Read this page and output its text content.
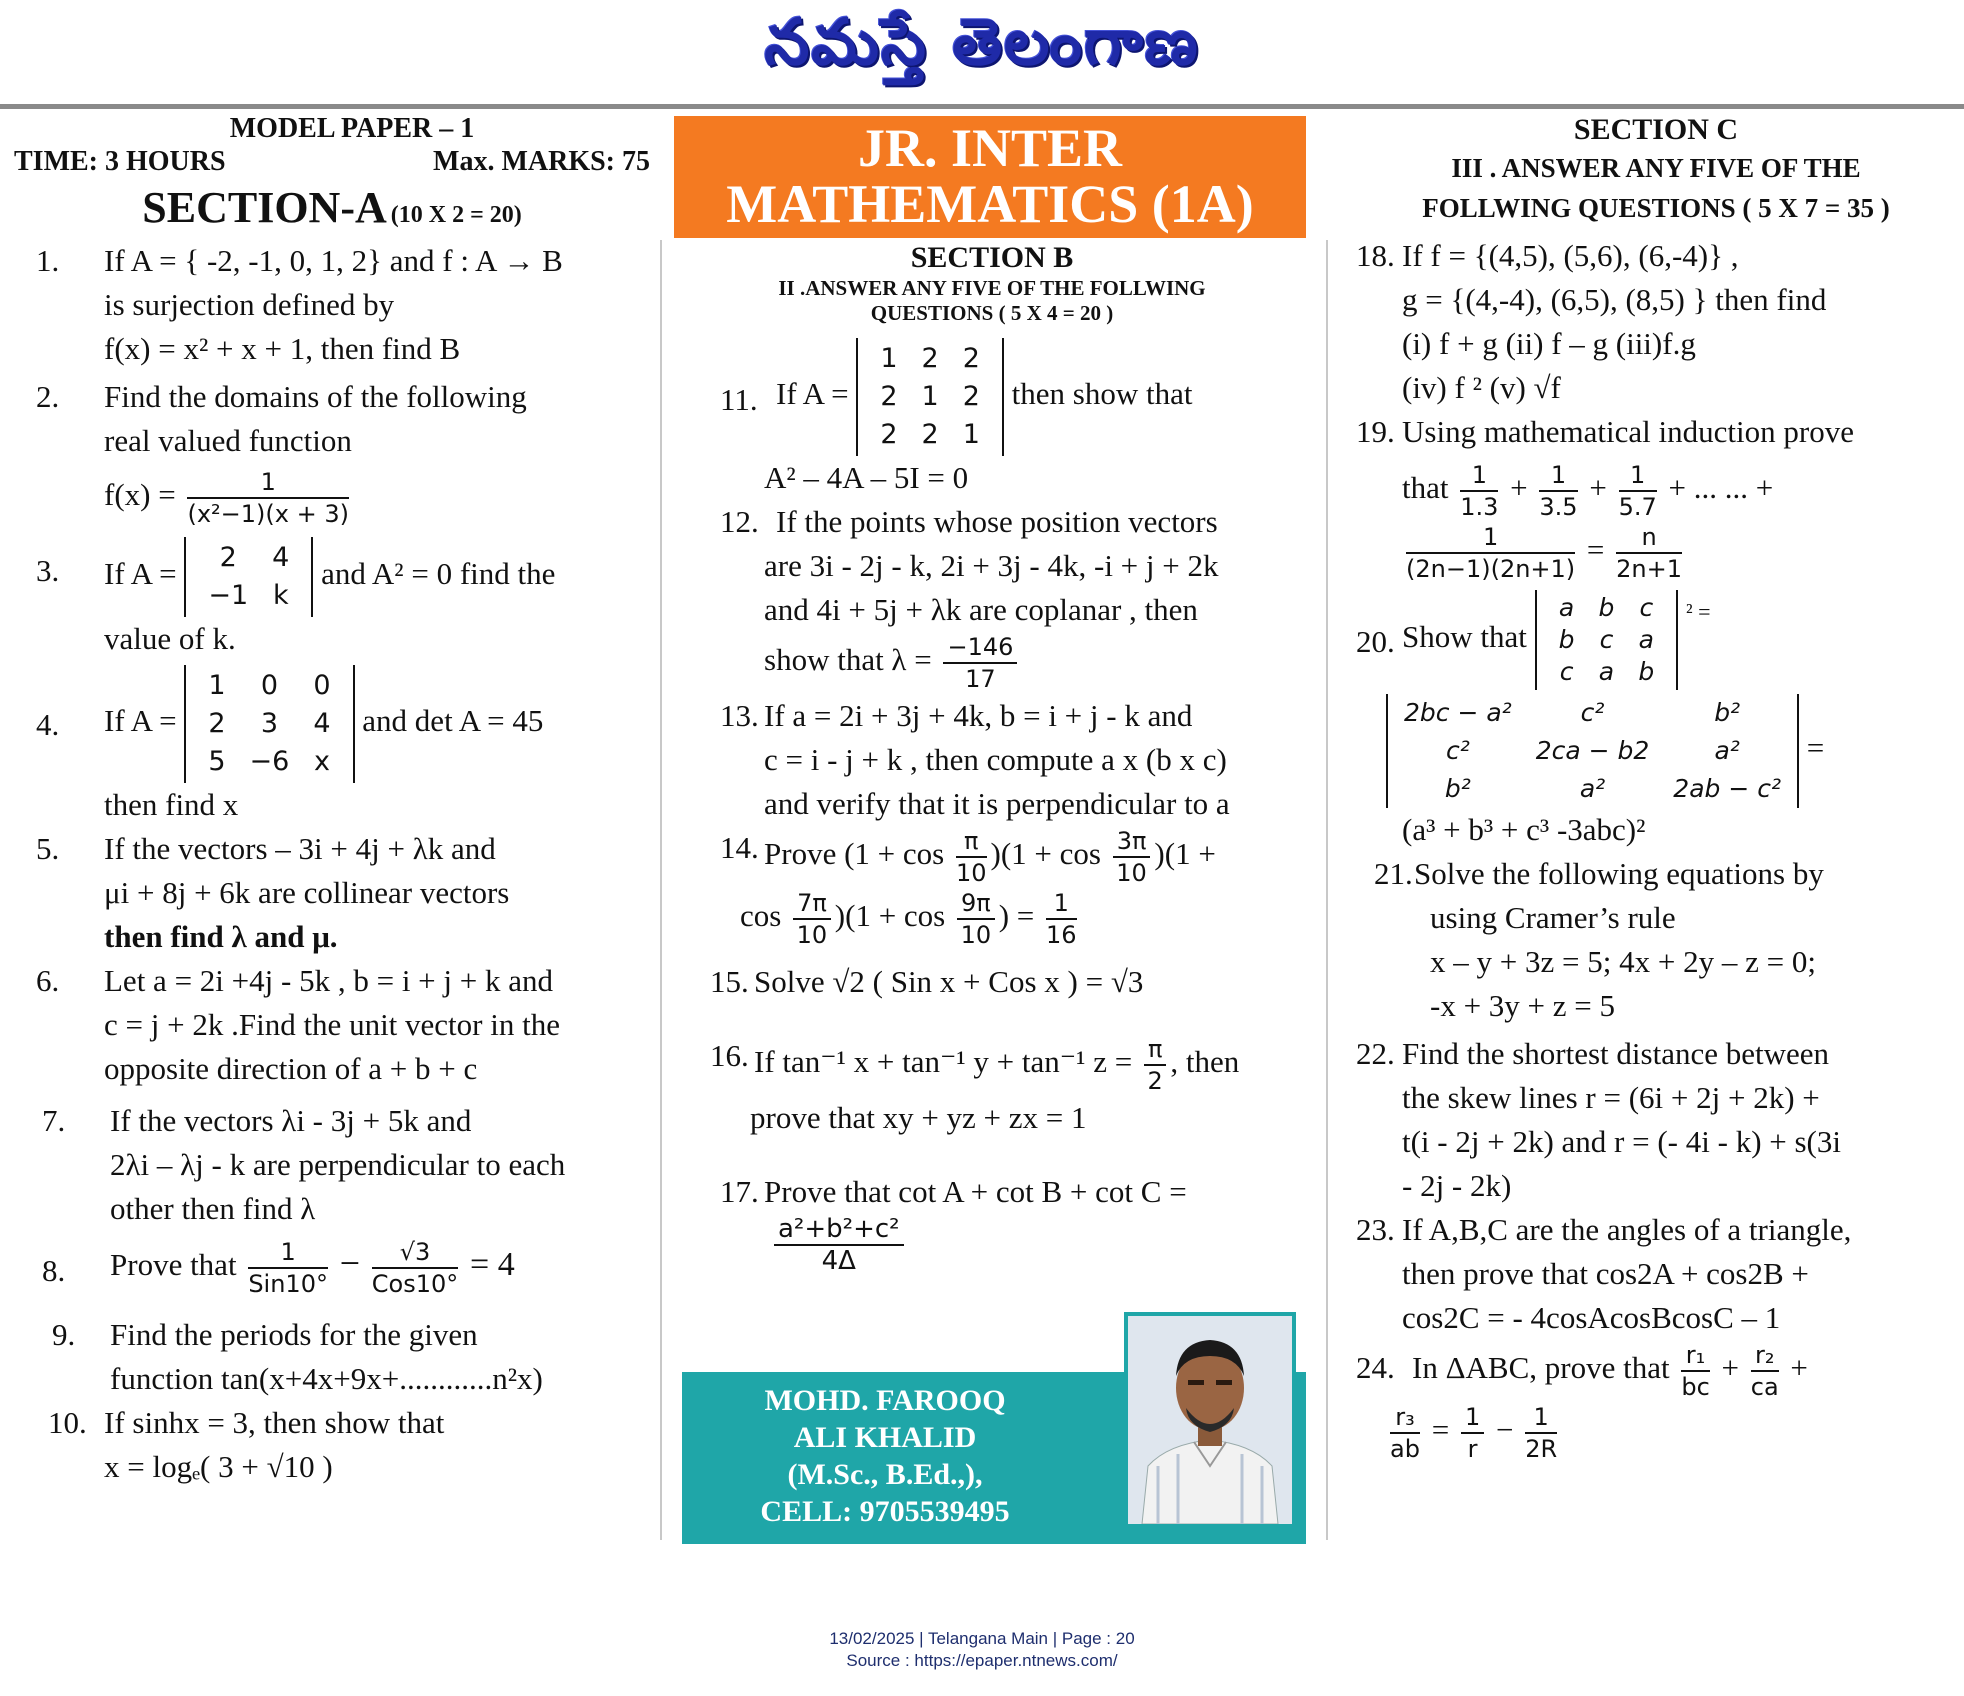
నమస్తే తెలంగాణ
MODEL PAPER – 1
TIME: 3 HOURS	Max. MARKS: 75
SECTION-A (10 X 2 = 20)
1. If A = { -2, -1, 0, 1, 2} and f : A → B
is surjection defined by
f(x) = x² + x + 1, then find B
2. Find the domains of the following
real valued function
$f(x) = \frac{1}{\text{(x²−1)(x + 3)}}$
3. If A = 2	4
−1	k
and A² = 0 find the
value of k.
4. If A =
1	0	0
2	3	4
5	−6	x
and det A = 45
then find x
5. If the vectors – 3i + 4j + λk and
μi + 8j + 6k are collinear vectors
then find λ and μ.
6. Let a = 2i +4j - 5k , b = i + j + k and
c = j + 2k .Find the unit vector in the
opposite direction of a + b + c
7. If the vectors λi - 3j + 5k and
2λi – λj - k are perpendicular to each
other then find λ
8. Prove that $\frac{1}{\text{Sin10°}} - \frac{√3}{\text{Cos10°}} = 4$
9. Find the periods for the given
function tan(x+4x+9x+............n²x)
10. If sinhx = 3, then show that
x = logₑ( 3 + √10 )
JR. INTER
MATHEMATICS (1A)
SECTION B
II .ANSWER ANY FIVE OF THE FOLLWING
QUESTIONS ( 5 X 4 = 20 )
11. If A =
1	2	2
2	1	2
2	2	1
then show that
A² – 4A – 5I = 0
12. If the points whose position vectors
are 3i - 2j - k, 2i + 3j - 4k, -i + j + 2k
and 4i + 5j + λk are coplanar , then
show that $\lambda = \frac{-146}{17}$
13. If a = 2i + 3j + 4k, b = i + j - k and
c = i - j + k , then compute a x (b x c)
and verify that it is perpendicular to a
14. Prove $(1 + \cos \frac{\pi}{10} )(1 + \cos \frac{3\pi}{10} )(1$ +
$\cos \frac{7\pi}{10} )(1 + \cos \frac{9\pi}{10}$ ) = $\frac{1}{16}$
15. Solve √2 ( Sin x + Cos x ) = √3
16. If tan⁻¹ x + tan⁻¹ y + tan⁻¹ $z = \frac{\pi}{2}$ , then
prove that xy + yz + zx = 1
17. Prove that cot A + cot B + cot C =
$\frac{\text{a²+b²+c²}}{4\Delta}$
MOHD. FAROOQ
ALI KHALID
(M.Sc., B.Ed.,),
CELL: 9705539495
SECTION C
III . ANSWER ANY FIVE OF THE
FOLLWING QUESTIONS ( 5 X 7 = 35 )
18. If f = {(4,5), (5,6), (6,-4)} ,
g = {(4,-4), (6,5), (8,5) } then find
(i) f + g (ii) f – g (iii)f.g
(iv) f ² (v) √f
19. Using mathematical induction prove
that $\frac{1}{1.3} + \frac{1}{3.5} + \frac{1}{5.7}$ + ... ... +
$\frac{1}{(2n-1)(2n+1)} = \frac{n}{2n+1}$
20. Show that
a	b	c
b	c	a
c	a	b
$^{^2 =}$
2bc − a²	c²	b²
c²	2ca − b2	a²
b²	a²	2ab − c²
=
(a³ + b³ + c³ -3abc)²
21. Solve the following equations by
using Cramer’s rule
x – y + 3z = 5; 4x + 2y – z = 0;
-x + 3y + z = 5
22. Find the shortest distance between
the skew lines r = (6i + 2j + 2k) +
t(i - 2j + 2k) and r = (- 4i - k) + s(3i
- 2j - 2k)
23. If A,B,C are the angles of a triangle,
then prove that cos2A + cos2B +
cos2C = - 4cosAcosBcosC – 1
24. In ΔABC, prove that $\frac{\text{r₁}}{bc} + \frac{\text{r₂}}{ca}$ +
$\frac{\text{r₃}}{ab} = \frac{1}{r} - \frac{1}{2R}$
13/02/2025 | Telangana Main | Page : 20
Source : https://epaper.ntnews.com/
